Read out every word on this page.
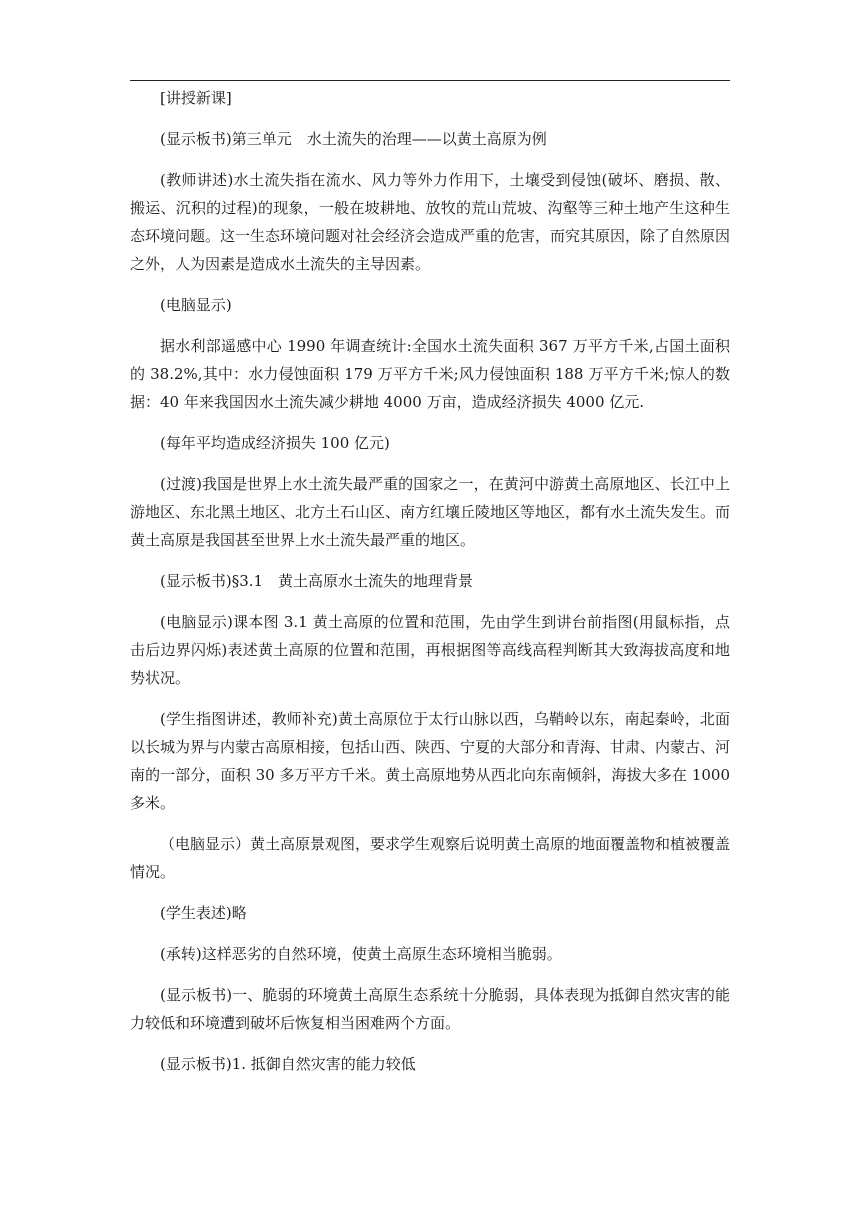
[讲授新课]

(显示板书)第三单元　水土流失的治理——以黄土高原为例

(教师讲述)水土流失指在流水、风力等外力作用下，土壤受到侵蚀(破坏、磨损、散、搬运、沉积的过程)的现象，一般在坡耕地、放牧的荒山荒坡、沟壑等三种土地产生这种生态环境问题。这一生态环境问题对社会经济会造成严重的危害，而究其原因，除了自然原因之外，人为因素是造成水土流失的主导因素。

(电脑显示)

据水利部遥感中心 1990 年调查统计:全国水土流失面积 367 万平方千米,占国土面积的 38.2%,其中：水力侵蚀面积 179 万平方千米;风力侵蚀面积 188 万平方千米;惊人的数据：40 年来我国因水土流失减少耕地 4000 万亩，造成经济损失 4000 亿元.

(每年平均造成经济损失 100 亿元)

(过渡)我国是世界上水土流失最严重的国家之一，在黄河中游黄土高原地区、长江中上游地区、东北黑土地区、北方土石山区、南方红壤丘陵地区等地区，都有水土流失发生。而黄土高原是我国甚至世界上水土流失最严重的地区。

(显示板书)§3.1　黄土高原水土流失的地理背景

(电脑显示)课本图 3.1 黄土高原的位置和范围，先由学生到讲台前指图(用鼠标指，点击后边界闪烁)表述黄土高原的位置和范围，再根据图等高线高程判断其大致海拔高度和地势状况。

(学生指图讲述，教师补充)黄土高原位于太行山脉以西，乌鞘岭以东，南起秦岭，北面以长城为界与内蒙古高原相接，包括山西、陕西、宁夏的大部分和青海、甘肃、内蒙古、河南的一部分，面积 30 多万平方千米。黄土高原地势从西北向东南倾斜，海拔大多在 1000 多米。

（电脑显示）黄土高原景观图，要求学生观察后说明黄土高原的地面覆盖物和植被覆盖情况。

(学生表述)略

(承转)这样恶劣的自然环境，使黄土高原生态环境相当脆弱。

(显示板书)一、脆弱的环境黄土高原生态系统十分脆弱，具体表现为抵御自然灾害的能力较低和环境遭到破坏后恢复相当困难两个方面。

(显示板书)1. 抵御自然灾害的能力较低
